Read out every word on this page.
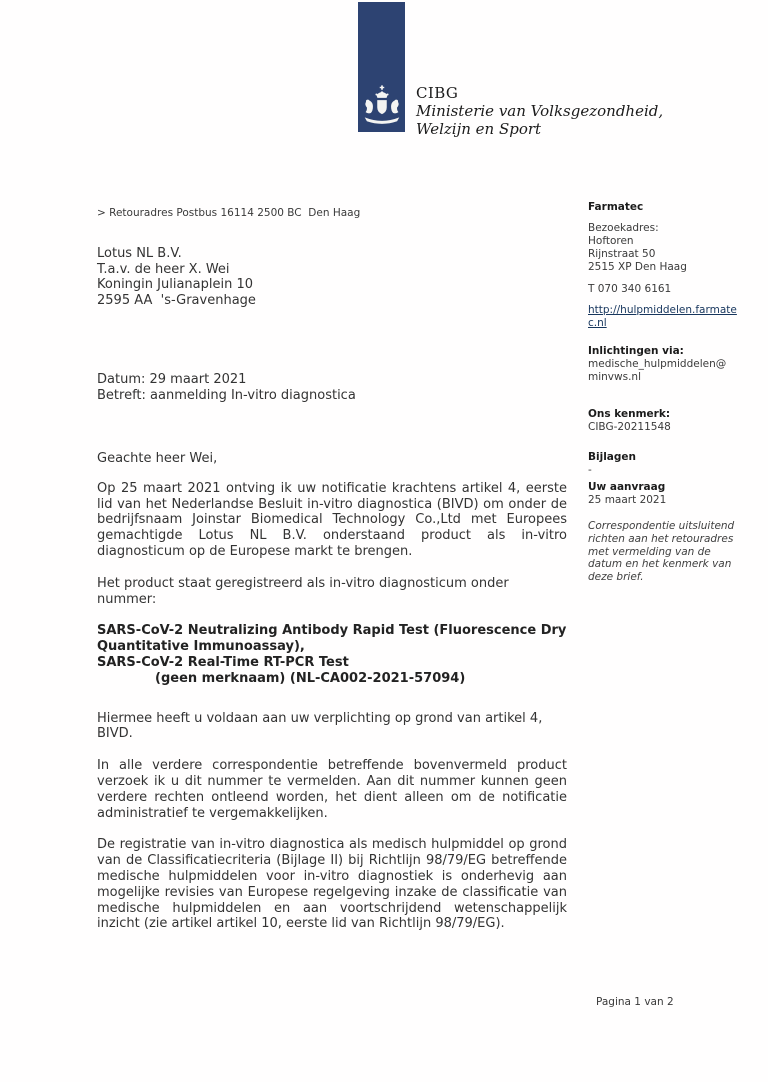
CIBG
Ministerie van Volksgezondheid,
Welzijn en Sport
> Retouradres Postbus 16114 2500 BC  Den Haag
Lotus NL B.V.
T.a.v. de heer X. Wei
Koningin Julianaplein 10
2595 AA  's-Gravenhage
Datum: 29 maart 2021
Betreft: aanmelding In-vitro diagnostica
Geachte heer Wei,

Op 25 maart 2021 ontving ik uw notificatie krachtens artikel 4, eerste lid van het Nederlandse Besluit in-vitro diagnostica (BIVD) om onder de bedrijfsnaam Joinstar Biomedical Technology Co.,Ltd met Europees gemachtigde Lotus NL B.V. onderstaand product als in-vitro diagnosticum op de Europese markt te brengen.

Het product staat geregistreerd als in-vitro diagnosticum onder nummer:

SARS-CoV-2 Neutralizing Antibody Rapid Test (Fluorescence Dry Quantitative Immunoassay),
SARS-CoV-2 Real-Time RT-PCR Test
(geen merknaam) (NL-CA002-2021-57094)

Hiermee heeft u voldaan aan uw verplichting op grond van artikel 4, BIVD.

In alle verdere correspondentie betreffende bovenvermeld product verzoek ik u dit nummer te vermelden. Aan dit nummer kunnen geen verdere rechten ontleend worden, het dient alleen om de notificatie administratief te vergemakkelijken.

De registratie van in-vitro diagnostica als medisch hulpmiddel op grond van de Classificatiecriteria (Bijlage II) bij Richtlijn 98/79/EG betreffende medische hulpmiddelen voor in-vitro diagnostiek is onderhevig aan mogelijke revisies van Europese regelgeving inzake de classificatie van medische hulpmiddelen en aan voortschrijdend wetenschappelijk inzicht (zie artikel artikel 10, eerste lid van Richtlijn 98/79/EG).

Farmatec
Bezoekadres:
Hoftoren
Rijnstraat 50
2515 XP Den Haag
T 070 340 6161
http://hulpmiddelen.farmatec.nl
Inlichtingen via:
medische_hulpmiddelen@
minvws.nl
Ons kenmerk:
CIBG-20211548
Bijlagen
-
Uw aanvraag
25 maart 2021
Correspondentie uitsluitend richten aan het retouradres met vermelding van de datum en het kenmerk van deze brief.
Pagina 1 van 2
